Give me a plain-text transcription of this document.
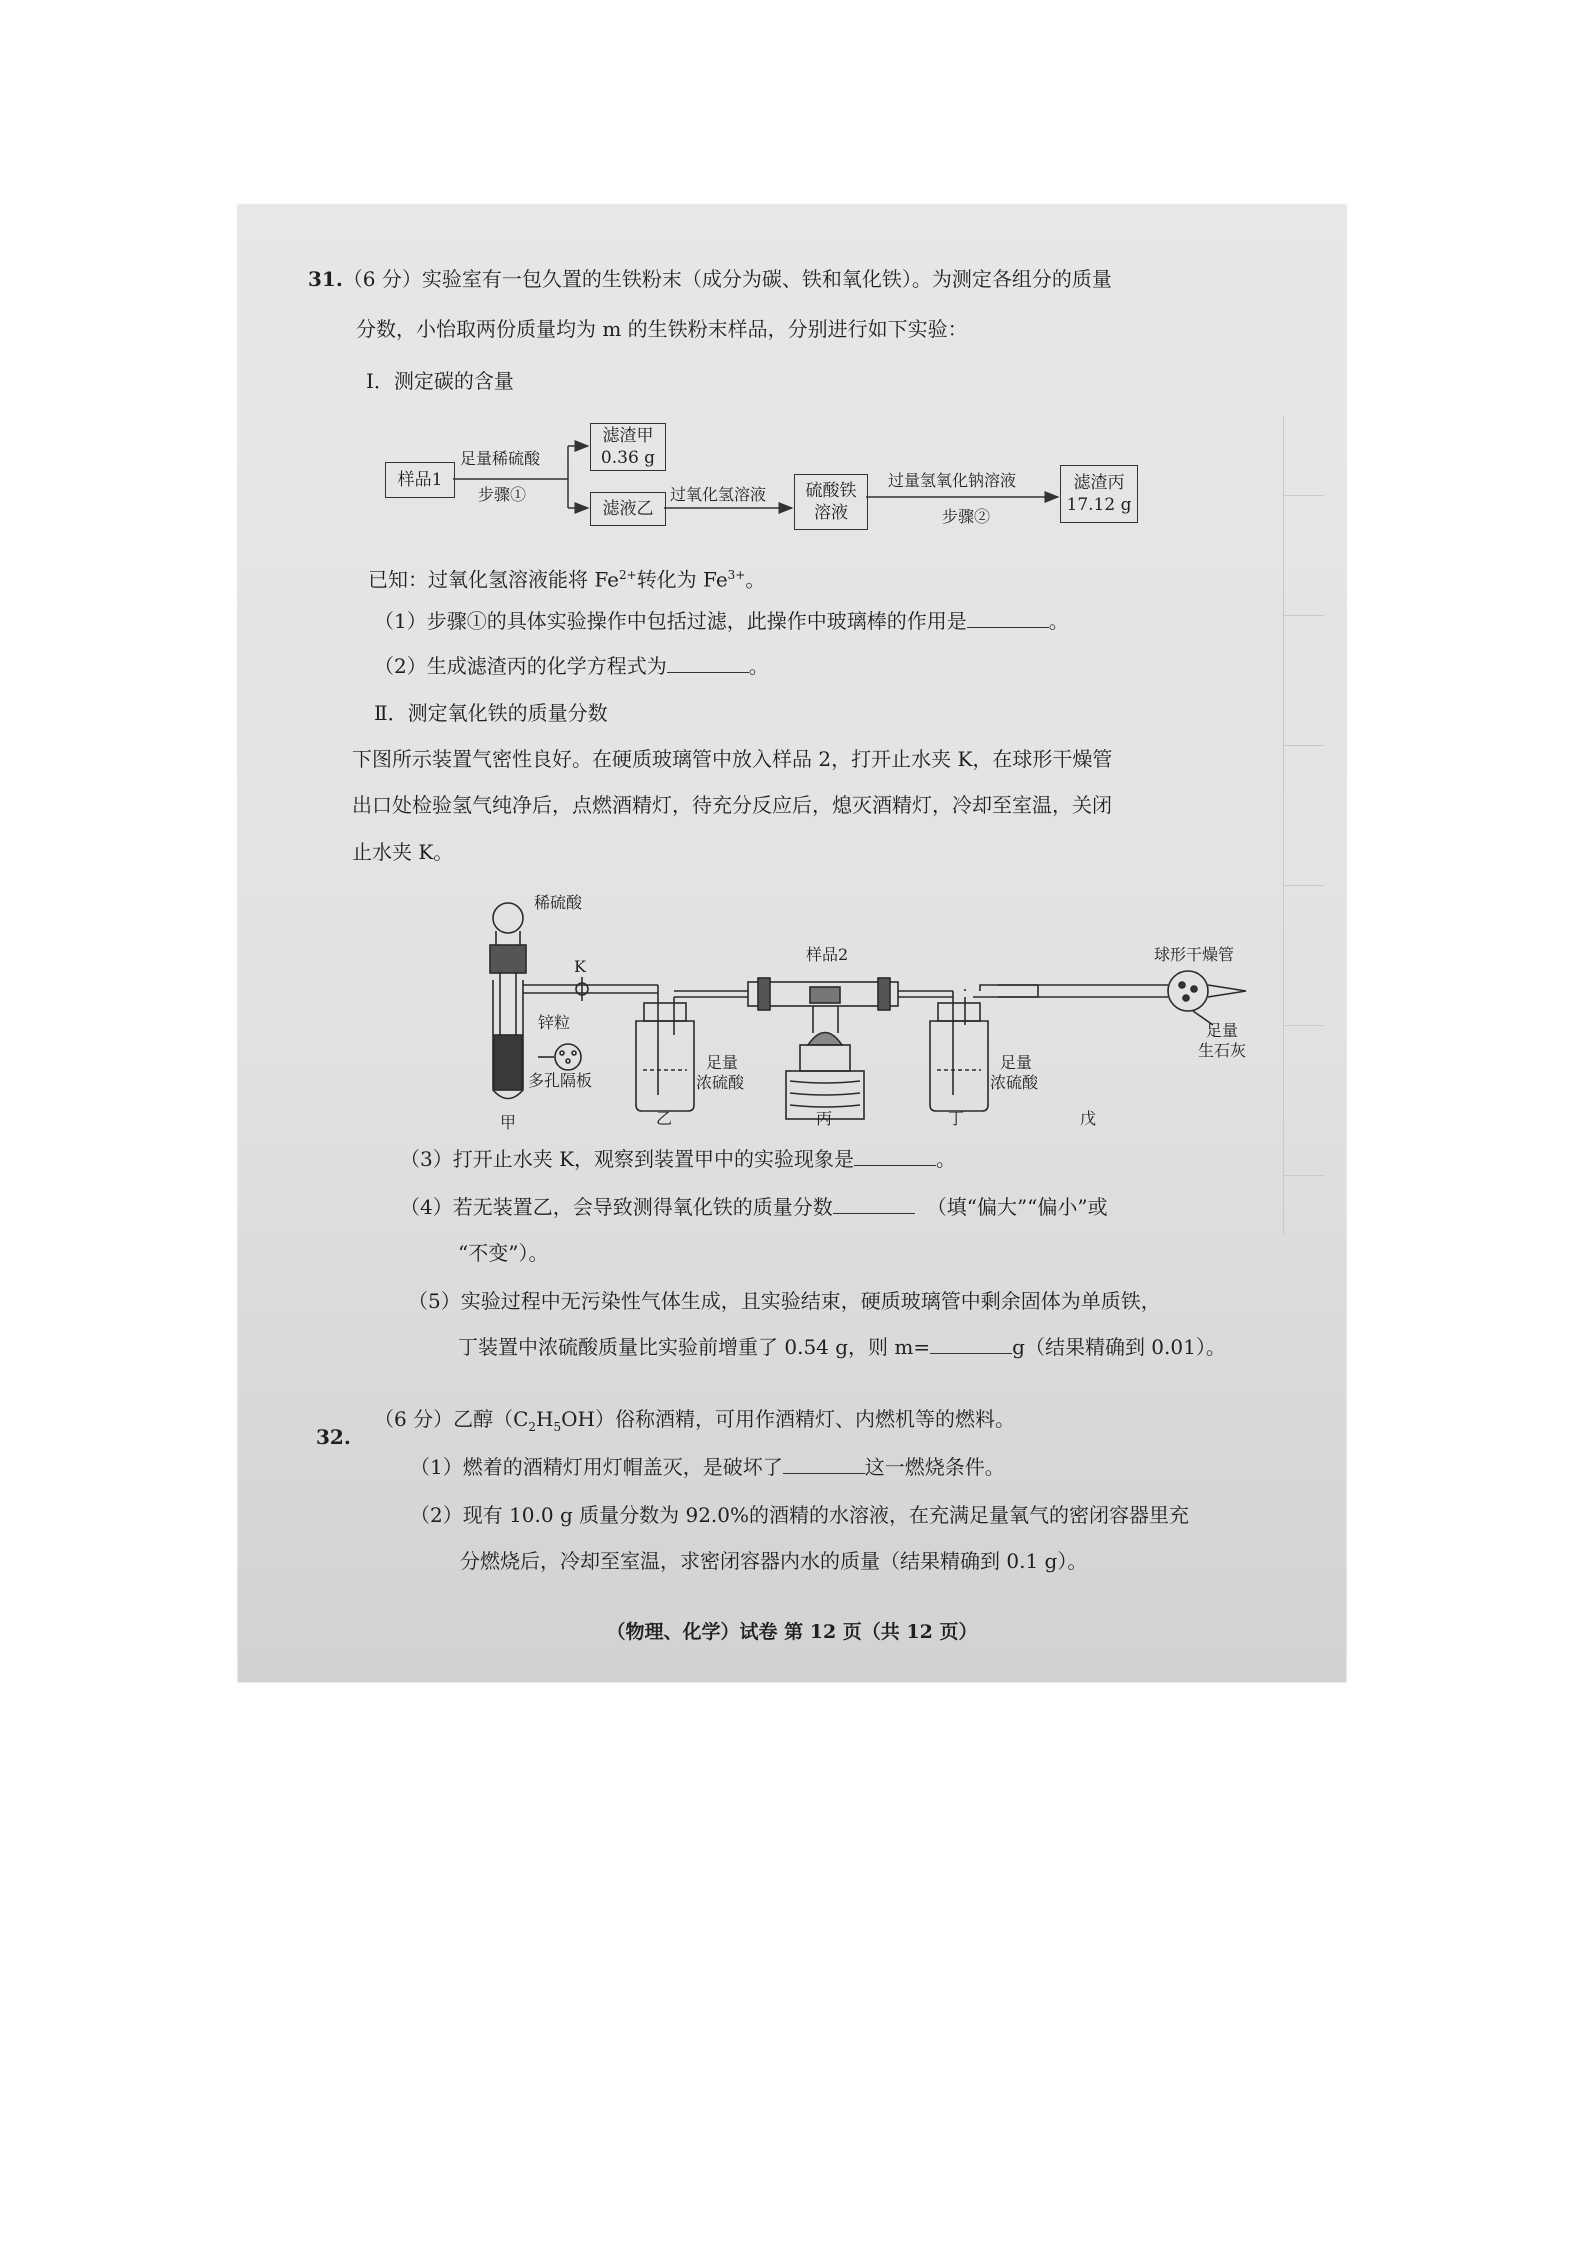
31.（6 分）实验室有一包久置的生铁粉末（成分为碳、铁和氧化铁）。为测定各组分的质量
分数，小怡取两份质量均为 m 的生铁粉末样品，分别进行如下实验：
Ⅰ．测定碳的含量
样品1
足量稀硫酸
步骤①
滤渣甲
0.36 g
滤液乙
过氧化氢溶液 硫酸铁
溶液
过量氢氧化钠溶液
步骤②
滤渣丙
17.12 g
已知：过氧化氢溶液能将 $Fe^{2+}$转化为 $Fe^{3+}$。
（1）步骤①的具体实验操作中包括过滤，此操作中玻璃棒的作用是	。
（2）生成滤渣丙的化学方程式为	。
Ⅱ．测定氧化铁的质量分数
下图所示装置气密性良好。在硬质玻璃管中放入样品 2，打开止水夹 K，在球形干燥管
出口处检验氢气纯净后，点燃酒精灯，待充分反应后，熄灭酒精灯，冷却至室温，关闭
止水夹 K。
稀硫酸
K
锌粒
多孔隔板
样品2	球形干燥管
足量
生石灰
足量
浓硫酸
足量
浓硫酸
甲	乙	丙	丁	戊
（3）打开止水夹 K，观察到装置甲中的实验现象是	。
（4）若无装置乙，会导致测得氧化铁的质量分数	（填“偏大”“偏小”或
“不变”）。
（5）实验过程中无污染性气体生成，且实验结束，硬质玻璃管中剩余固体为单质铁，
丁装置中浓硫酸质量比实验前增重了 0.54 g，则 m=	g（结果精确到 0.01）。
32.
（6 分）乙醇$(C_2H_5OH)$俗称酒精，可用作酒精灯、内燃机等的燃料。
（1）燃着的酒精灯用灯帽盖灭，是破坏了	这一燃烧条件。
（2）现有 10.0 g 质量分数为 92.0%的酒精的水溶液，在充满足量氧气的密闭容器里充
分燃烧后，冷却至室温，求密闭容器内水的质量（结果精确到 0.1 g）。
（物理、化学）试卷 第 12 页（共 12 页）
